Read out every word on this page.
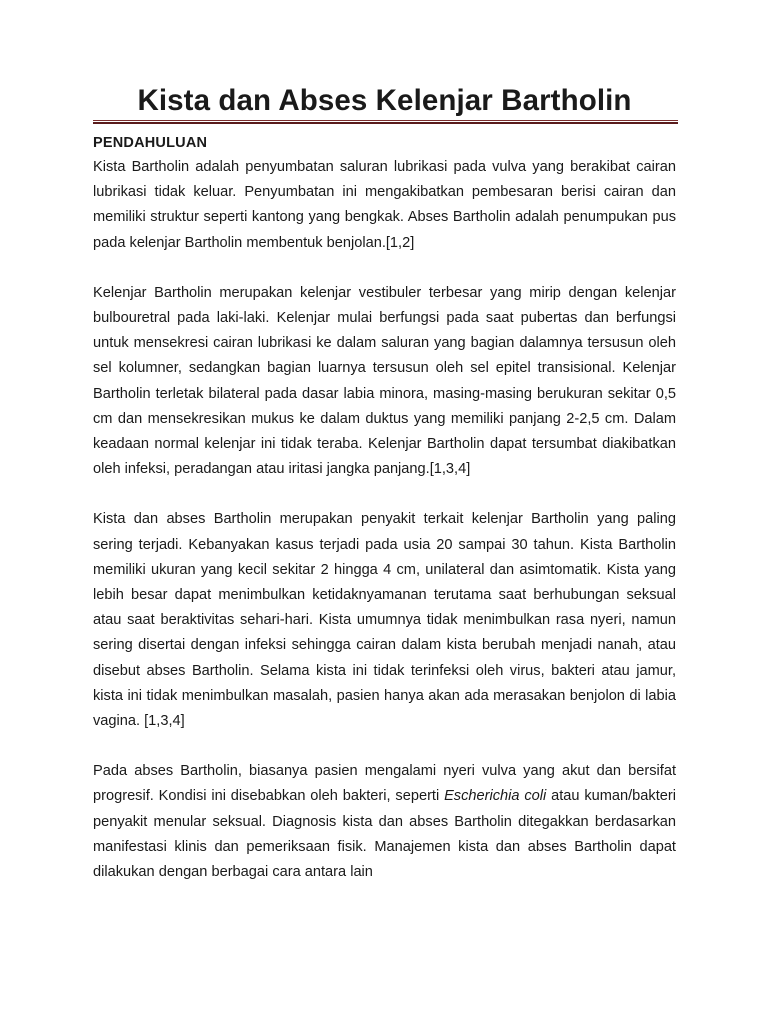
Kista dan Abses Kelenjar Bartholin
PENDAHULUAN

Kista Bartholin adalah penyumbatan saluran lubrikasi pada vulva yang berakibat cairan lubrikasi tidak keluar. Penyumbatan ini mengakibatkan pembesaran berisi cairan dan memiliki struktur seperti kantong yang bengkak. Abses Bartholin adalah penumpukan pus pada kelenjar Bartholin membentuk benjolan.[1,2]

Kelenjar Bartholin merupakan kelenjar vestibuler terbesar yang mirip dengan kelenjar bulbouretral pada laki-laki. Kelenjar mulai berfungsi pada saat pubertas dan berfungsi untuk mensekresi cairan lubrikasi ke dalam saluran yang bagian dalamnya tersusun oleh sel kolumner, sedangkan bagian luarnya tersusun oleh sel epitel transisional. Kelenjar Bartholin terletak bilateral pada dasar labia minora, masing-masing berukuran sekitar 0,5 cm dan mensekresikan mukus ke dalam duktus yang memiliki panjang 2-2,5 cm. Dalam keadaan normal kelenjar ini tidak teraba. Kelenjar Bartholin dapat tersumbat diakibatkan oleh infeksi, peradangan atau iritasi jangka panjang.[1,3,4]

Kista dan abses Bartholin merupakan penyakit terkait kelenjar Bartholin yang paling sering terjadi. Kebanyakan kasus terjadi pada usia 20 sampai 30 tahun. Kista Bartholin memiliki ukuran yang kecil sekitar 2 hingga 4 cm, unilateral dan asimtomatik. Kista yang lebih besar dapat menimbulkan ketidaknyamanan terutama saat berhubungan seksual atau saat beraktivitas sehari-hari. Kista umumnya tidak menimbulkan rasa nyeri, namun sering disertai dengan infeksi sehingga cairan dalam kista berubah menjadi nanah, atau disebut abses Bartholin. Selama kista ini tidak terinfeksi oleh virus, bakteri atau jamur, kista ini tidak menimbulkan masalah, pasien hanya akan ada merasakan benjolon di labia vagina. [1,3,4]

Pada abses Bartholin, biasanya pasien mengalami nyeri vulva yang akut dan bersifat progresif. Kondisi ini disebabkan oleh bakteri, seperti Escherichia coli atau kuman/bakteri penyakit menular seksual. Diagnosis kista dan abses Bartholin ditegakkan berdasarkan manifestasi klinis dan pemeriksaan fisik. Manajemen kista dan abses Bartholin dapat dilakukan dengan berbagai cara antara lain
